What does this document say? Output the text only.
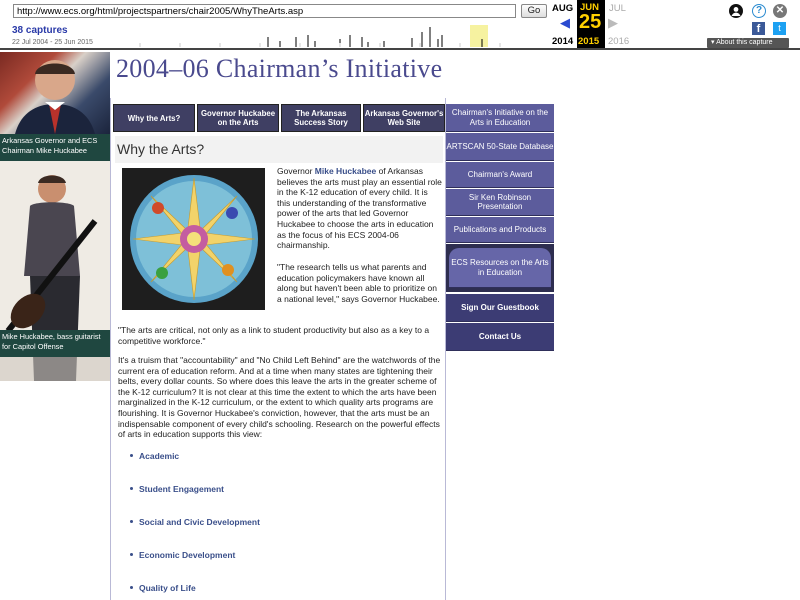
http://www.ecs.org/html/projectspartners/chair2005/WhyTheArts.asp
Go
38 captures
22 Jul 2004 - 25 Jun 2015
AUG
◀
2014
JUN
25
2015
JUL
▶
2016
?	✕
f	t
▾ About this capture
Arkansas Governor and ECS Chairman Mike Huckabee
Mike Huckabee, bass guitarist for Capitol Offense
2004–06 Chairman’s Initiative
Why the Arts?	Governor Huckabee on the Arts
The Arkansas Success Story
Arkansas Governor's Web Site
Why the Arts?
Governor Mike Huckabee of Arkansas believes the arts must play an essential role in the K-12 education of every child. It is this understanding of the transformative power of the arts that led Governor Huckabee to choose the arts in education as the focus of his ECS 2004-06 chairmanship.
"The research tells us what parents and education policymakers have known all along but haven't been able to prioritize on a national level," says Governor Huckabee.
"The arts are critical, not only as a link to student productivity but also as a key to a competitive workforce."
It's a truism that "accountability" and "No Child Left Behind" are the watchwords of the current era of education reform. And at a time when many states are tightening their belts, every dollar counts. So where does this leave the arts in the greater scheme of the K-12 curriculum? It is not clear at this time the extent to which the arts have been marginalized in the K-12 curriculum, or the extent to which quality arts programs are flourishing. It is Governor Huckabee's conviction, however, that the arts must be an indispensable component of every child's schooling. Research on the powerful effects of arts in education supports this view:
Academic
Student Engagement
Social and Civic Development
Economic Development
Quality of Life
Chairman's Initiative on the Arts in Education
ARTSCAN 50-State Database
Chairman's Award
Sir Ken Robinson Presentation
Publications and Products
ECS Resources on the Arts in Education
Sign Our Guestbook
Contact Us
